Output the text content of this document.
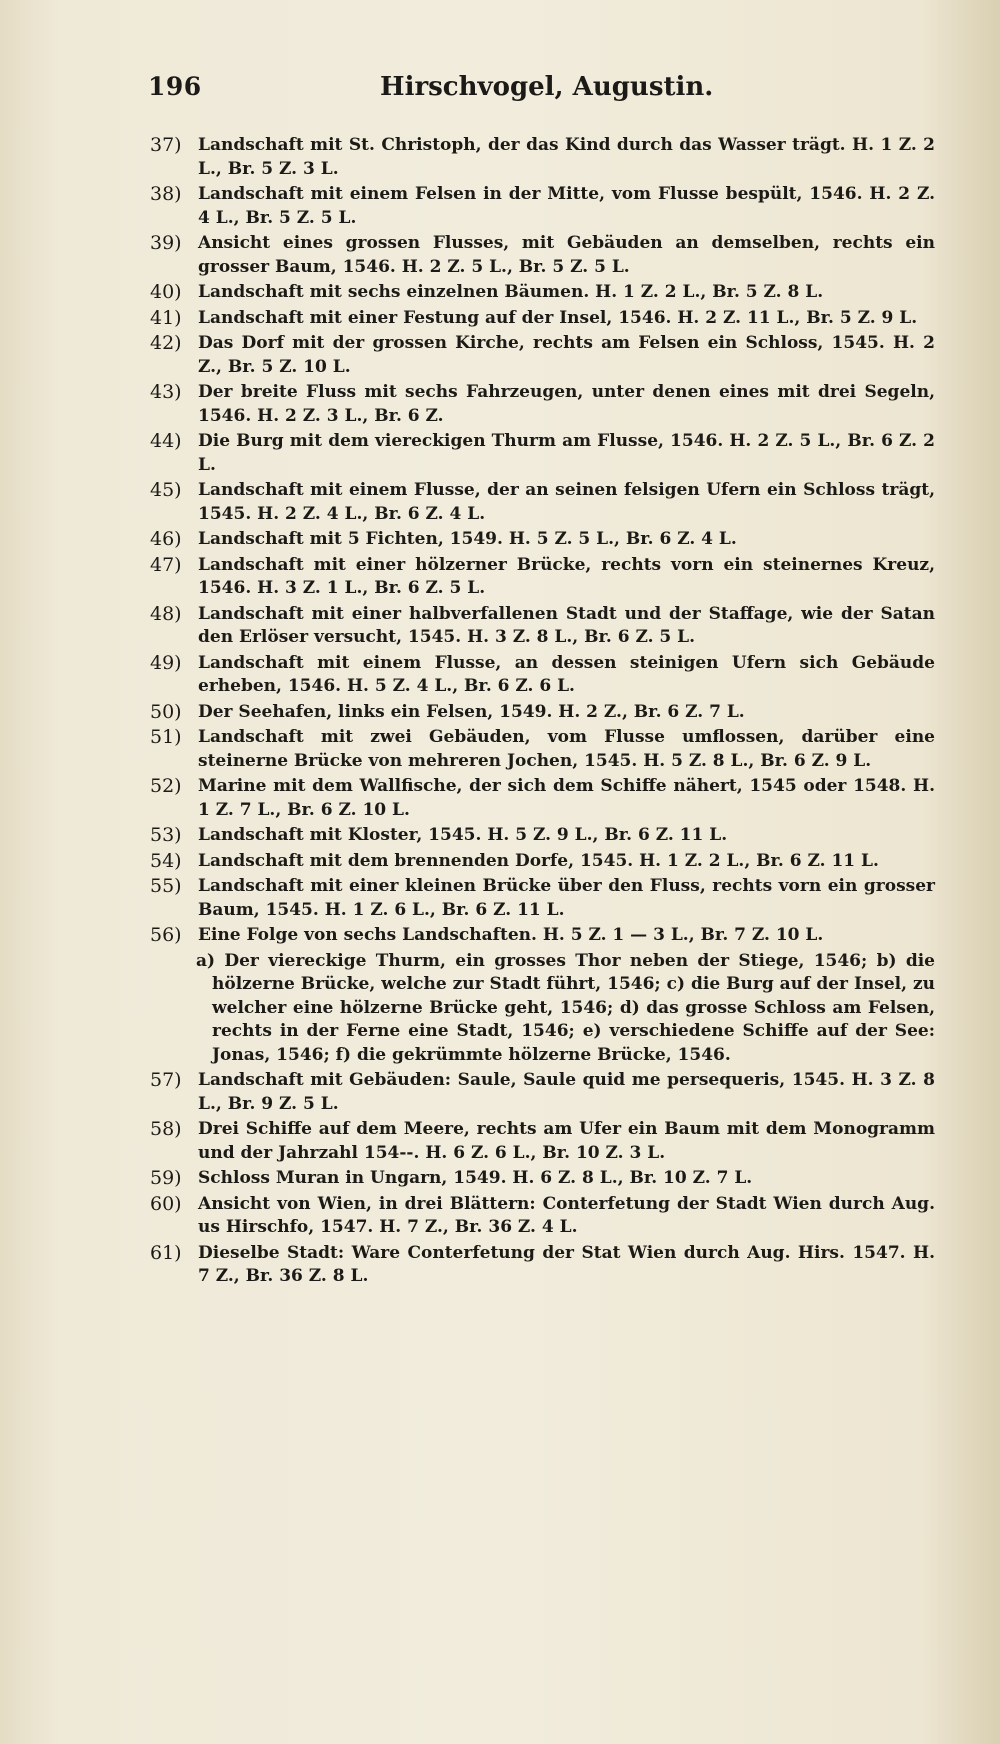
196	Hirschvogel, Augustin.
37) Landschaft mit St. Christoph, der das Kind durch das Wasser trägt. H. 1 Z. 2 L., Br. 5 Z. 3 L.
38) Landschaft mit einem Felsen in der Mitte, vom Flusse bespült, 1546. H. 2 Z. 4 L., Br. 5 Z. 5 L.
39) Ansicht eines grossen Flusses, mit Gebäuden an demselben, rechts ein grosser Baum, 1546. H. 2 Z. 5 L., Br. 5 Z. 5 L.
40) Landschaft mit sechs einzelnen Bäumen. H. 1 Z. 2 L., Br. 5 Z. 8 L.
41) Landschaft mit einer Festung auf der Insel, 1546. H. 2 Z. 11 L., Br. 5 Z. 9 L.
42) Das Dorf mit der grossen Kirche, rechts am Felsen ein Schloss, 1545. H. 2 Z., Br. 5 Z. 10 L.
43) Der breite Fluss mit sechs Fahrzeugen, unter denen eines mit drei Segeln, 1546. H. 2 Z. 3 L., Br. 6 Z.
44) Die Burg mit dem viereckigen Thurm am Flusse, 1546. H. 2 Z. 5 L., Br. 6 Z. 2 L.
45) Landschaft mit einem Flusse, der an seinen felsigen Ufern ein Schloss trägt, 1545. H. 2 Z. 4 L., Br. 6 Z. 4 L.
46) Landschaft mit 5 Fichten, 1549. H. 5 Z. 5 L., Br. 6 Z. 4 L.
47) Landschaft mit einer hölzerner Brücke, rechts vorn ein steinernes Kreuz, 1546. H. 3 Z. 1 L., Br. 6 Z. 5 L.
48) Landschaft mit einer halbverfallenen Stadt und der Staffage, wie der Satan den Erlöser versucht, 1545. H. 3 Z. 8 L., Br. 6 Z. 5 L.
49) Landschaft mit einem Flusse, an dessen steinigen Ufern sich Gebäude erheben, 1546. H. 5 Z. 4 L., Br. 6 Z. 6 L.
50) Der Seehafen, links ein Felsen, 1549. H. 2 Z., Br. 6 Z. 7 L.
51) Landschaft mit zwei Gebäuden, vom Flusse umflossen, darüber eine steinerne Brücke von mehreren Jochen, 1545. H. 5 Z. 8 L., Br. 6 Z. 9 L.
52) Marine mit dem Wallfische, der sich dem Schiffe nähert, 1545 oder 1548. H. 1 Z. 7 L., Br. 6 Z. 10 L.
53) Landschaft mit Kloster, 1545. H. 5 Z. 9 L., Br. 6 Z. 11 L.
54) Landschaft mit dem brennenden Dorfe, 1545. H. 1 Z. 2 L., Br. 6 Z. 11 L.
55) Landschaft mit einer kleinen Brücke über den Fluss, rechts vorn ein grosser Baum, 1545. H. 1 Z. 6 L., Br. 6 Z. 11 L.
56) Eine Folge von sechs Landschaften. H. 5 Z. 1 — 3 L., Br. 7 Z. 10 L.
a) Der viereckige Thurm, ein grosses Thor neben der Stiege, 1546; b) die hölzerne Brücke, welche zur Stadt führt, 1546; c) die Burg auf der Insel, zu welcher eine hölzerne Brücke geht, 1546; d) das grosse Schloss am Felsen, rechts in der Ferne eine Stadt, 1546; e) verschiedene Schiffe auf der See: Jonas, 1546; f) die gekrümmte hölzerne Brücke, 1546.
57) Landschaft mit Gebäuden: Saule, Saule quid me persequeris, 1545. H. 3 Z. 8 L., Br. 9 Z. 5 L.
58) Drei Schiffe auf dem Meere, rechts am Ufer ein Baum mit dem Monogramm und der Jahrzahl 154--. H. 6 Z. 6 L., Br. 10 Z. 3 L.
59) Schloss Muran in Ungarn, 1549. H. 6 Z. 8 L., Br. 10 Z. 7 L.
60) Ansicht von Wien, in drei Blättern: Conterfetung der Stadt Wien durch Aug. us Hirschfo, 1547. H. 7 Z., Br. 36 Z. 4 L.
61) Dieselbe Stadt: Ware Conterfetung der Stat Wien durch Aug. Hirs. 1547. H. 7 Z., Br. 36 Z. 8 L.
